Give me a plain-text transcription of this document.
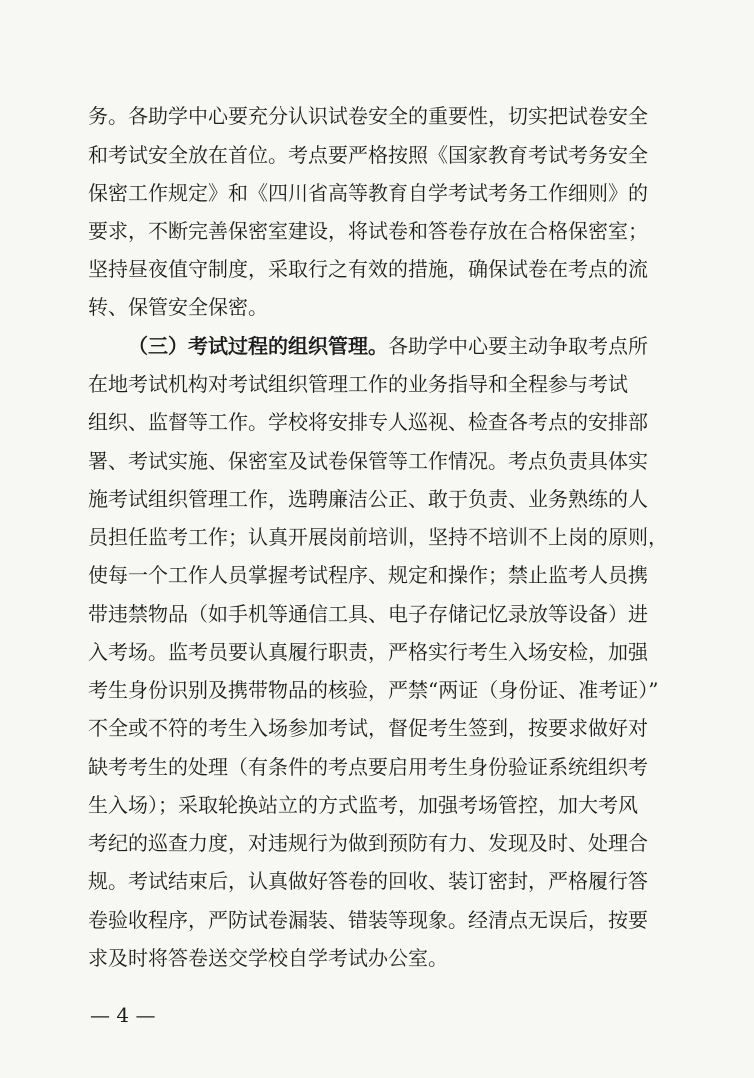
务。各助学中心要充分认识试卷安全的重要性，切实把试卷安全
和考试安全放在首位。考点要严格按照《国家教育考试考务安全
保密工作规定》和《四川省高等教育自学考试考务工作细则》的
要求，不断完善保密室建设，将试卷和答卷存放在合格保密室；
坚持昼夜值守制度，采取行之有效的措施，确保试卷在考点的流
转、保管安全保密。
（三）考试过程的组织管理。各助学中心要主动争取考点所
在地考试机构对考试组织管理工作的业务指导和全程参与考试
组织、监督等工作。学校将安排专人巡视、检查各考点的安排部
署、考试实施、保密室及试卷保管等工作情况。考点负责具体实
施考试组织管理工作，选聘廉洁公正、敢于负责、业务熟练的人
员担任监考工作；认真开展岗前培训，坚持不培训不上岗的原则，
使每一个工作人员掌握考试程序、规定和操作；禁止监考人员携
带违禁物品（如手机等通信工具、电子存储记忆录放等设备）进
入考场。监考员要认真履行职责，严格实行考生入场安检，加强
考生身份识别及携带物品的核验，严禁“两证（身份证、准考证）”
不全或不符的考生入场参加考试，督促考生签到，按要求做好对
缺考考生的处理（有条件的考点要启用考生身份验证系统组织考
生入场）；采取轮换站立的方式监考，加强考场管控，加大考风
考纪的巡查力度，对违规行为做到预防有力、发现及时、处理合
规。考试结束后，认真做好答卷的回收、装订密封，严格履行答
卷验收程序，严防试卷漏装、错装等现象。经清点无误后，按要
求及时将答卷送交学校自学考试办公室。
— 4 —
